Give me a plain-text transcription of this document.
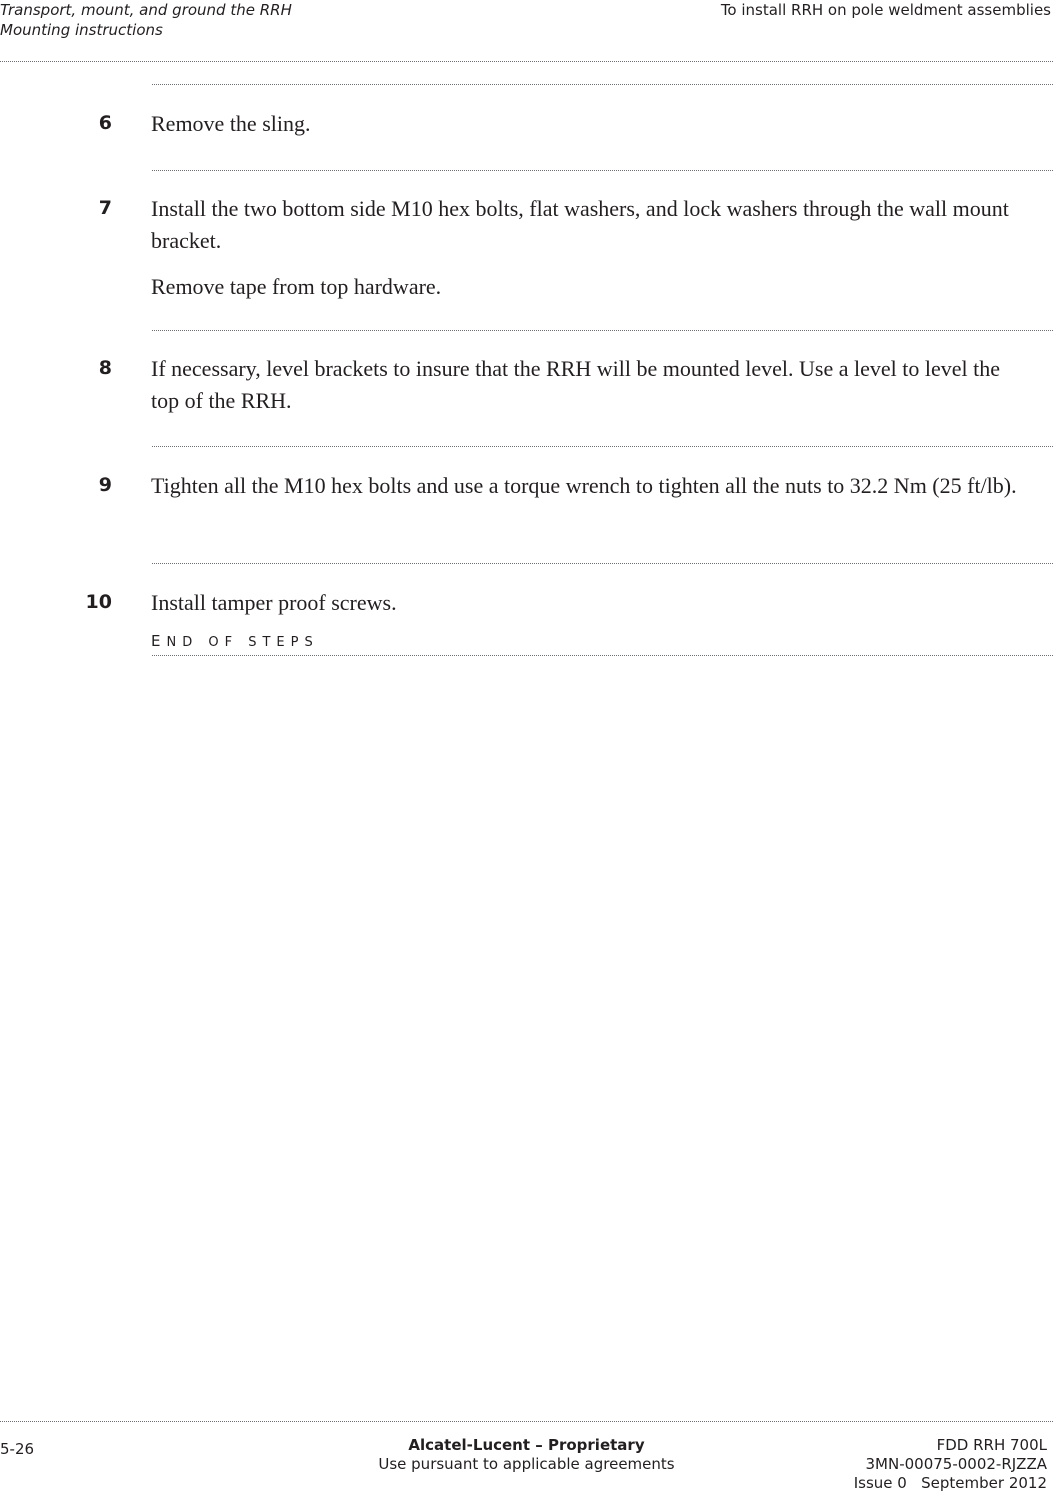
Transport, mount, and ground the RRH
Mounting instructions
To install RRH on pole weldment assemblies
6 Remove the sling.

7 Install the two bottom side M10 hex bolts, flat washers, and lock washers through the wall mount bracket.

Remove tape from top hardware.

8 If necessary, level brackets to insure that the RRH will be mounted level. Use a level to level the top of the RRH.

9 Tighten all the M10 hex bolts and use a torque wrench to tighten all the nuts to 32.2 Nm (25 ft/lb).

10 Install tamper proof screws.

END OF STEPS
5-26	Alcatel-Lucent – Proprietary
Use pursuant to applicable agreements
FDD RRH 700L
3MN-00075-0002-RJZZA
Issue 0   September 2012
